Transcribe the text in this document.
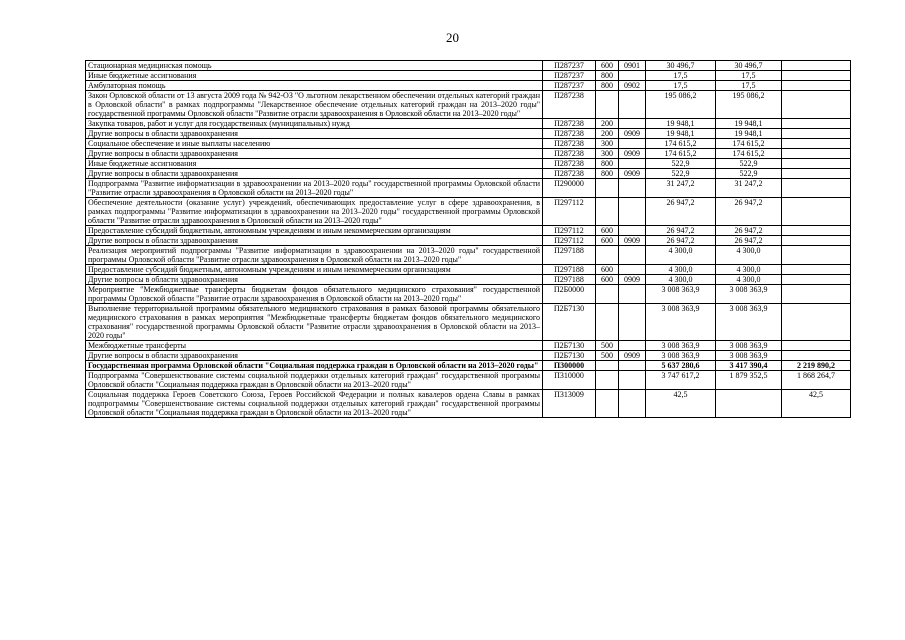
20
Стационарная медицинская помощь	П287237	600	0901	30 496,7	30 496,7	
Иные бюджетные ассигнования	П287237	800		17,5	17,5	
Амбулаторная помощь	П287237	800	0902	17,5	17,5	
Закон Орловской области от 13 августа 2009 года № 942-ОЗ "О льготном лекарственном обеспечении отдельных категорий граждан в Орловской области" в рамках подпрограммы "Лекарственное обеспечение отдельных категорий граждан на 2013–2020 годы" государственной программы Орловской области "Развитие отрасли здравоохранения в Орловской области на 2013–2020 годы"	П287238			195 086,2	195 086,2	
Закупка товаров, работ и услуг для государственных (муниципальных) нужд	П287238	200		19 948,1	19 948,1	
Другие вопросы в области здравоохранения	П287238	200	0909	19 948,1	19 948,1	
Социальное обеспечение и иные выплаты населению	П287238	300		174 615,2	174 615,2	
Другие вопросы в области здравоохранения	П287238	300	0909	174 615,2	174 615,2	
Иные бюджетные ассигнования	П287238	800		522,9	522,9	
Другие вопросы в области здравоохранения	П287238	800	0909	522,9	522,9	
Подпрограмма "Развитие информатизации в здравоохранении на 2013–2020 годы" государственной программы Орловской области "Развитие отрасли здравоохранения в Орловской области на 2013–2020 годы"	П290000			31 247,2	31 247,2	
Обеспечение деятельности (оказание услуг) учреждений, обеспечивающих предоставление услуг в сфере здравоохранения, в рамках подпрограммы "Развитие информатизации в здравоохранении на 2013–2020 годы" государственной программы Орловской области "Развитие отрасли здравоохранения в Орловской области на 2013–2020 годы"	П297112			26 947,2	26 947,2	
Предоставление субсидий бюджетным, автономным учреждениям и иным некоммерческим организациям	П297112	600		26 947,2	26 947,2	
Другие вопросы в области здравоохранения	П297112	600	0909	26 947,2	26 947,2	
Реализация мероприятий подпрограммы "Развитие информатизации в здравоохранении на 2013–2020 годы" государственной программы Орловской области "Развитие отрасли здравоохранения в Орловской области на 2013–2020 годы"	П297188			4 300,0	4 300,0	
Предоставление субсидий бюджетным, автономным учреждениям и иным некоммерческим организациям	П297188	600		4 300,0	4 300,0	
Другие вопросы в области здравоохранения	П297188	600	0909	4 300,0	4 300,0	
Мероприятие "Межбюджетные трансферты бюджетам фондов обязательного медицинского страхования" государственной программы Орловской области "Развитие отрасли здравоохранения в Орловской области на 2013–2020 годы"	П2Б0000			3 008 363,9	3 008 363,9	
Выполнение территориальной программы обязательного медицинского страхования в рамках базовой программы обязательного медицинского страхования в рамках мероприятия "Межбюджетные трансферты бюджетам фондов обязательного медицинского страхования" государственной программы Орловской области "Развитие отрасли здравоохранения в Орловской области на 2013–2020 годы"	П2Б7130			3 008 363,9	3 008 363,9	
Межбюджетные трансферты	П2Б7130	500		3 008 363,9	3 008 363,9	
Другие вопросы в области здравоохранения	П2Б7130	500	0909	3 008 363,9	3 008 363,9	
Государственная программа Орловской области "Социальная поддержка граждан в Орловской области на 2013–2020 годы"	П300000			5 637 280,6	3 417 390,4	2 219 890,2
Подпрограмма "Совершенствование системы социальной поддержки отдельных категорий граждан" государственной программы Орловской области "Социальная поддержка граждан в Орловской области на 2013–2020 годы"	П310000			3 747 617,2	1 879 352,5	1 868 264,7
Социальная поддержка Героев Советского Союза, Героев Российской Федерации и полных кавалеров ордена Славы в рамках подпрограммы "Совершенствование системы социальной поддержки отдельных категорий граждан" государственной программы Орловской области "Социальная поддержка граждан в Орловской области на 2013–2020 годы"	П313009			42,5		42,5
